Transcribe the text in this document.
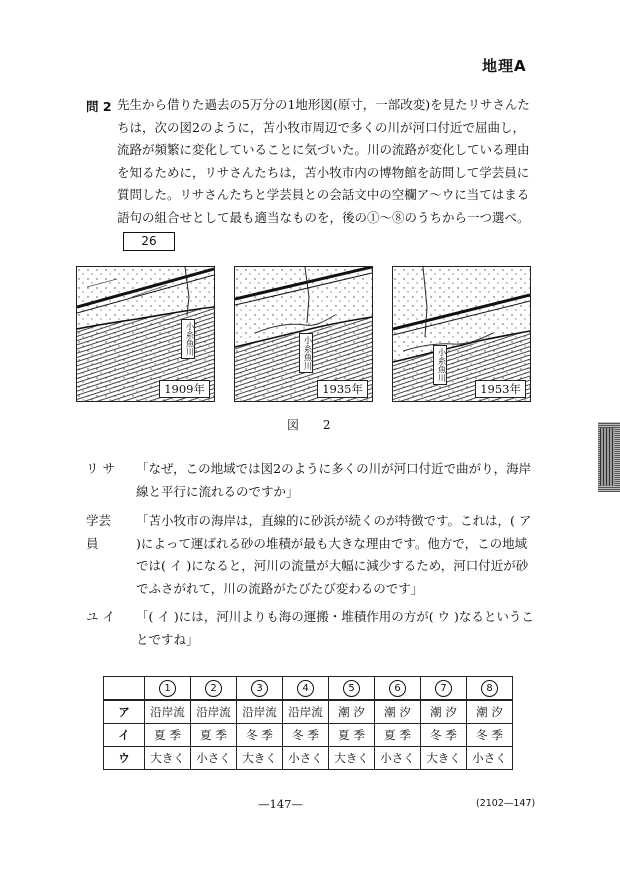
地理A
問 2 先生から借りた過去の5万分の1地形図(原寸，一部改変)を見たリサさんたちは，次の図2のように，苫小牧市周辺で多くの川が河口付近で屈曲し，流路が頻繁に変化していることに気づいた。川の流路が変化している理由を知るために，リサさんたちは，苫小牧市内の博物館を訪問して学芸員に質問した。リサさんたちと学芸員との会話文中の空欄ア～ウに当てはまる語句の組合せとして最も適当なものを，後の①～⑧のうちから一つ選べ。26
小糸魚川
1909年
小糸魚川
1935年
小糸魚川
1953年
図 2
リ サ	「なぜ，この地域では図2のように多くの川が河口付近で曲がり，海岸線と平行に流れるのですか」
学芸員
「苫小牧市の海岸は，直線的に砂浜が続くのが特徴です。これは，( ア )によって運ばれる砂の堆積が最も大きな理由です。他方で，この地域では( イ )になると，河川の流量が大幅に減少するため，河口付近が砂でふさがれて，川の流路がたびたび変わるのです」
ユ イ	「( イ )には，河川よりも海の運搬・堆積作用の方が( ウ )なるということですね」
	1	2	3	4	5	6	7	8
ア	沿岸流	沿岸流	沿岸流	沿岸流	潮 汐	潮 汐	潮 汐	潮 汐
イ	夏 季	夏 季	冬 季	冬 季	夏 季	夏 季	冬 季	冬 季
ウ	大きく	小さく	大きく	小さく	大きく	小さく	大きく	小さく
—147—	(2102—147)
